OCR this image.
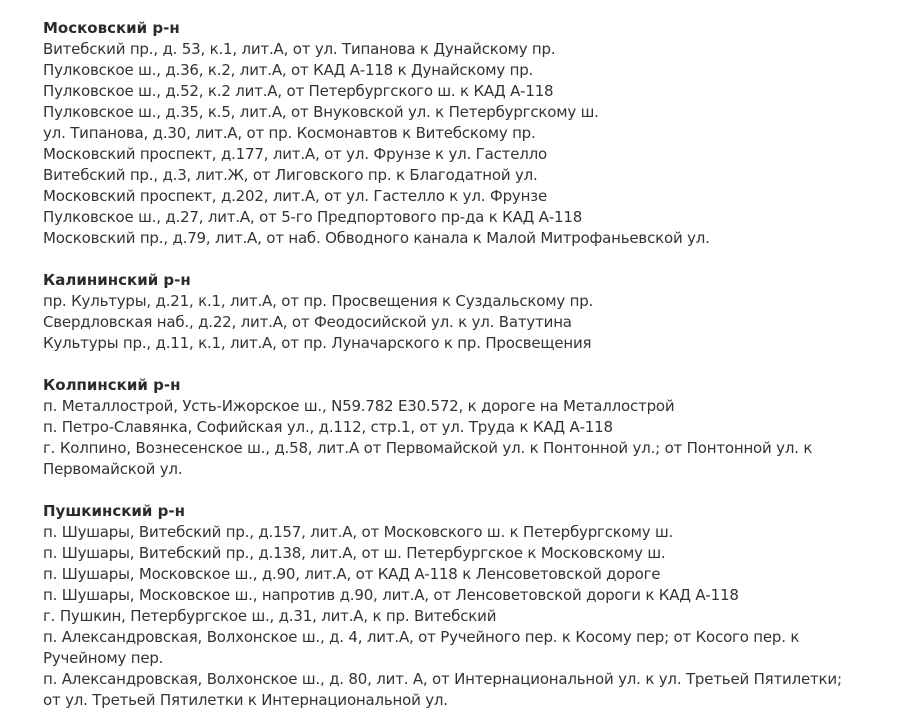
Московский р-н
Витебский пр., д. 53, к.1, лит.А, от ул. Типанова к Дунайскому пр.
Пулковское ш., д.36, к.2, лит.А, от КАД А-118 к Дунайскому пр.
Пулковское ш., д.52, к.2 лит.А, от Петербургского ш. к КАД А-118
Пулковское ш., д.35, к.5, лит.А, от Внуковской ул. к Петербургскому ш.
ул. Типанова, д.30, лит.А, от пр. Космонавтов к Витебскому пр.
Московский проспект, д.177, лит.А, от ул. Фрунзе к ул. Гастелло
Витебский пр., д.3, лит.Ж, от Лиговского пр. к Благодатной ул.
Московский проспект, д.202, лит.А, от ул. Гастелло к ул. Фрунзе
Пулковское ш., д.27, лит.А, от 5-го Предпортового пр-да к КАД А-118
Московский пр., д.79, лит.А, от наб. Обводного канала к Малой Митрофаньевской ул.
Калининский р-н
пр. Культуры, д.21, к.1, лит.А, от пр. Просвещения к Суздальскому пр.
Свердловская наб., д.22, лит.А, от Феодосийской ул. к ул. Ватутина
Культуры пр., д.11, к.1, лит.А, от пр. Луначарского к пр. Просвещения
Колпинский р-н
п. Металлострой, Усть-Ижорское ш., N59.782 E30.572, к дороге на Металлострой
п. Петро-Славянка, Софийская ул., д.112, стр.1, от ул. Труда к КАД А-118
г. Колпино, Вознесенское ш., д.58, лит.А от Первомайской ул. к Понтонной ул.; от Понтонной ул. к Первомайской ул.
Пушкинский р-н
п. Шушары, Витебский пр., д.157, лит.А, от Московского ш. к Петербургскому ш.
п. Шушары, Витебский пр., д.138, лит.А, от ш. Петербургское к Московскому ш.
п. Шушары, Московское ш., д.90, лит.А, от КАД А-118 к Ленсоветовской дороге
п. Шушары, Московское ш., напротив д.90, лит.А, от Ленсоветовской дороги к КАД А-118
г. Пушкин, Петербургское ш., д.31, лит.А, к пр. Витебский
п. Александровская, Волхонское ш., д. 4, лит.А, от Ручейного пер. к Косому пер; от Косого пер. к Ручейному пер.
п. Александровская, Волхонское ш., д. 80, лит. А, от Интернациональной ул. к ул. Третьей Пятилетки; от ул. Третьей Пятилетки к Интернациональной ул.
